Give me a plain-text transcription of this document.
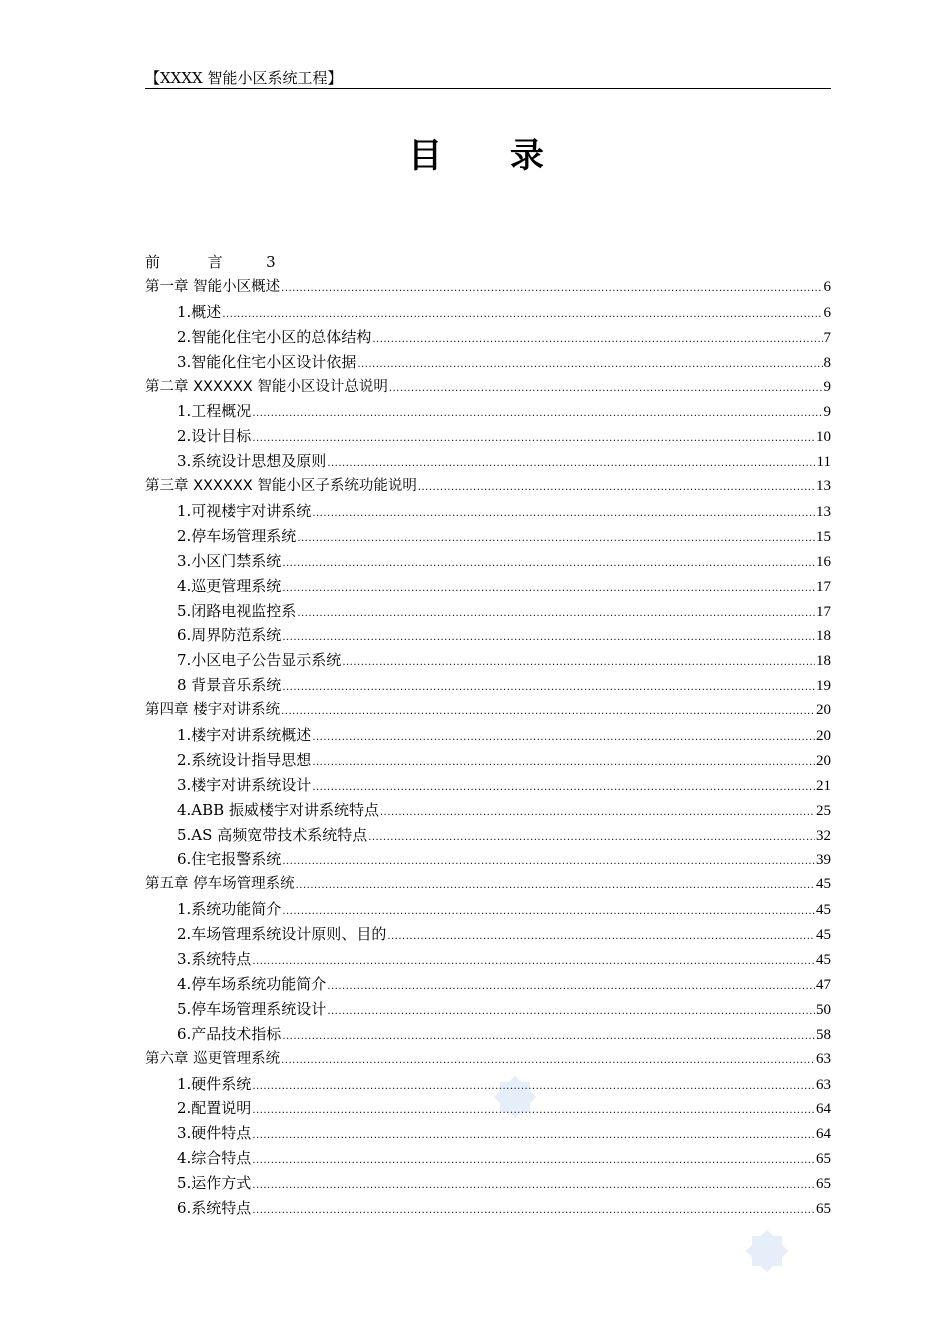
【XXXX 智能小区系统工程】
目 录
前	言	3
第一章 智能小区概述 .....	6
1.概述 .....	6
2.智能化住宅小区的总体结构 .....	7
3.智能化住宅小区设计依据 .....	8
第二章 XXXXXX 智能小区设计总说明 .....	9
1.工程概况 .....	9
2.设计目标 .....	10
3.系统设计思想及原则 .....	11
第三章 XXXXXX 智能小区子系统功能说明 .....	13
1.可视楼宇对讲系统 .....	13
2.停车场管理系统 .....	15
3.小区门禁系统 .....	16
4.巡更管理系统 .....	17
5.闭路电视监控系 .....	17
6.周界防范系统 .....	18
7.小区电子公告显示系统 .....	18
8 背景音乐系统 .....	19
第四章 楼宇对讲系统 .....	20
1.楼宇对讲系统概述 .....	20
2.系统设计指导思想 .....	20
3.楼宇对讲系统设计 .....	21
4.ABB 振威楼宇对讲系统特点 .....	25
5.AS 高频宽带技术系统特点 .....	32
6.住宅报警系统 .....	39
第五章 停车场管理系统 .....	45
1.系统功能简介 .....	45
2.车场管理系统设计原则、目的 .....	45
3.系统特点 .....	45
4.停车场系统功能简介 .....	47
5.停车场管理系统设计 .....	50
6.产品技术指标 .....	58
第六章 巡更管理系统 .....	63
1.硬件系统 .....	63
2.配置说明 .....	64
3.硬件特点 .....	64
4.综合特点 .....	65
5.运作方式 .....	65
6.系统特点 .....	65
